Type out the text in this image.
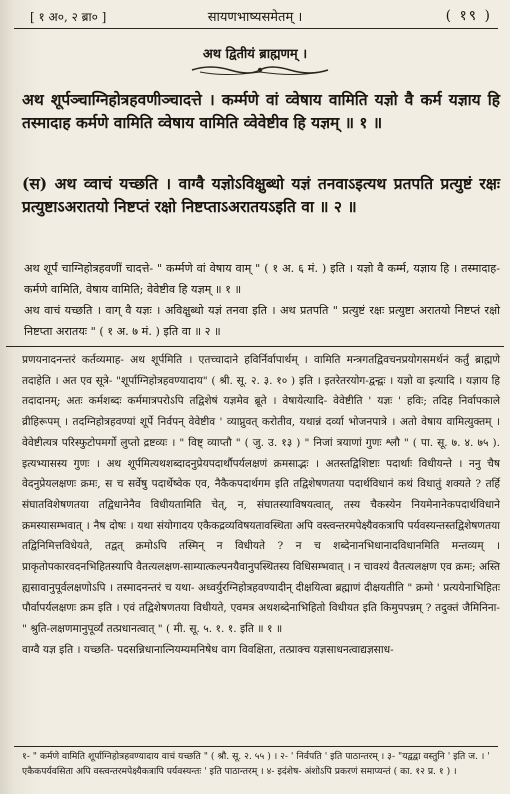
[ १ अ०, २ ब्रा० ]	सायणभाष्यसमेतम् ।	( १९ )
अथ द्वितीयं ब्राह्मणम् ।
अथ शूर्पञ्चाग्निहोत्रहवणीञ्चादत्ते । कर्म्मणे वां व्वेषाय वामिति यज्ञो वै कर्म यज्ञाय हि तस्मादाह कर्मणे वामिति व्वेषाय वामिति व्वेवेष्टीव हि यज्ञम् ॥ १ ॥
(स) अथ व्वाचं यच्छति । वाग्वै यज्ञोऽविक्षुब्धो यज्ञं तनवाऽइत्यथ प्रतपति प्रत्युष्टं रक्षः प्रत्युष्टाऽअरातयो निष्टप्तं रक्षो निष्टप्ताऽअरातयऽइति वा ॥ २ ॥
अथ शूर्पं चाग्निहोत्रहवणीं चादत्ते- " कर्म्मणे वां वेषाय वाम् " ( १ अ. ६ मं. ) इति । यज्ञो वै कर्म्म, यज्ञाय हि । तस्मादाह- कर्मणे वामिति, वेषाय वामिति; वेवेष्टीव हि यज्ञम् ॥ १ ॥
अथ वाचं यच्छति । वाग् वै यज्ञः । अविक्षुब्धो यज्ञं तनवा इति । अथ प्रतपति " प्रत्युष्टं रक्षः प्रत्युष्टा अरातयो निष्टप्तं रक्षो निष्टप्ता अरातयः " ( १ अ. ७ मं. ) इति वा ॥ २ ॥
प्रणयनादनन्तरं कर्तव्यमाह- अथ शूर्पमिति । एतच्चादाने हविर्निर्वापार्थम् । वामिति मन्त्रगतद्विवचनप्रयोगसमर्थनं कर्तुं ब्राह्मणे तदाहेति । अत एव सूत्रे- "शूर्पाग्निहोत्रहवण्यादाय" ( श्री. सू. २. ३. १० ) इति । इतरेतरयोग-द्वन्द्वः । यज्ञो वा इत्यादि । यज्ञाय हि तदादानम्; अतः कर्मशब्दः कर्ममात्रपरोऽपि तद्विशेषं यज्ञमेव ब्रूते । वेषायेत्यादि- वेवेष्टीति ' यज्ञः ' हविः; तदिह निर्वापकाले व्रीहिरूपम् । तदग्निहोत्रहवण्यां शूर्पे निर्वपन् वेवेष्टीव ' व्याप्नुवत् करोतीव, यथान्नं दर्व्या भोजनपात्रे । अतो वेषाय वामित्युक्तम् । वेवेष्टीत्यत्र परिस्फुटोपमर्गो लुप्तो द्रष्टव्यः । " विष्ट् व्याप्तौ " ( जु. उ. १३ ) " निजां त्रयाणां गुणः श्लौ " ( पा. सू. ७. ४. ७५ ). इत्यभ्यासस्य गुणः । अथ शूर्पमित्यथशब्दादनुप्रेयपदार्थौपर्यलक्षणं क्रमसाद्भः । अतस्तद्विशिष्टाः पदार्थाः विधीयन्ते । ननु चैष वेदनुप्रेयलक्षणः क्रमः, स च सर्वेषु पदार्थेष्वेक एव, नैकैकपदार्थगम इति तद्विशेषणतया पदार्थविधानं कथं विधातुं शक्यते ? तर्हि संघातविशेषणतया तद्विधानेनैव विधीयतामिति चेत्, न, संघातस्याविषयत्वात्, तस्य चैकस्येन नियमेनानेकपदार्थविधाने क्रमस्यासम्भवात् । नैष दोषः । यथा संयोगादय एकैकद्रव्यविषयतावस्थिता अपि वस्त्वन्तरमपेक्ष्यैवकत्रापि पर्यवस्यन्तस्तद्विशेषणतया तद्विनिमित्तविधेयते, तद्वत् क्रमोऽपि तस्मिन् न विधीयते ? न च शब्देनानभिधानादविधानमिति मन्तव्यम् । प्राकृतोपकारवदनभिहितस्यापि वैतत्यलक्षण-साम्यात्कल्पनयैवानुपस्थितस्य विधिसम्भवात् । न चावश्यं वैतत्यलक्षण एव क्रमः; अस्ति ह्यसावानुपूर्वलक्षणोऽपि । तस्मादनन्तरं च यथा- अध्वर्युरग्निहोत्रहवण्यादीन् दीक्षयित्वा ब्रह्माणं दीक्षयतीति " क्रमो ' प्रत्ययेनाभिहितः पौर्वापर्यलक्षणः क्रम इति । एवं तद्विशेषणतया विधीयते, एवमत्र अथशब्देनाभिहितो विधीयत इति किमुपपन्नम् ? तदुक्तं जैमिनिना- " श्रुति-लक्षणमानुपूर्व्यं तत्प्रधानत्वात् " ( मी. सू. ५. १. १. इति ॥ १ ॥
वाग्वै यज्ञ इति । यच्छति- पदसन्निधानात्नियम्यमनिषेध वाग विवक्षिता, तत्प्राक्च यज्ञसाधनत्वाद्यज्ञसाध-
१- " कर्मणे वामिति शूर्पाग्निहोत्रहवण्यादाय वाचं यच्छति " ( श्रौ. सू. २. ५५ ) । २- ' निर्वपति ' इति पाठान्तरम् । ३- "यद्वद्वा वस्तुनि ' इति ज. । ' एकैकपर्यवसिता अपि वस्त्वन्तरमपेक्ष्यैकत्रापि पर्यवस्यन्तः ' इति पाठान्तरम् । ४- इदंशेष- अंशोऽपि प्रकरणं समाप्यन्तं ( का. १२ प्र. १ ) ।
